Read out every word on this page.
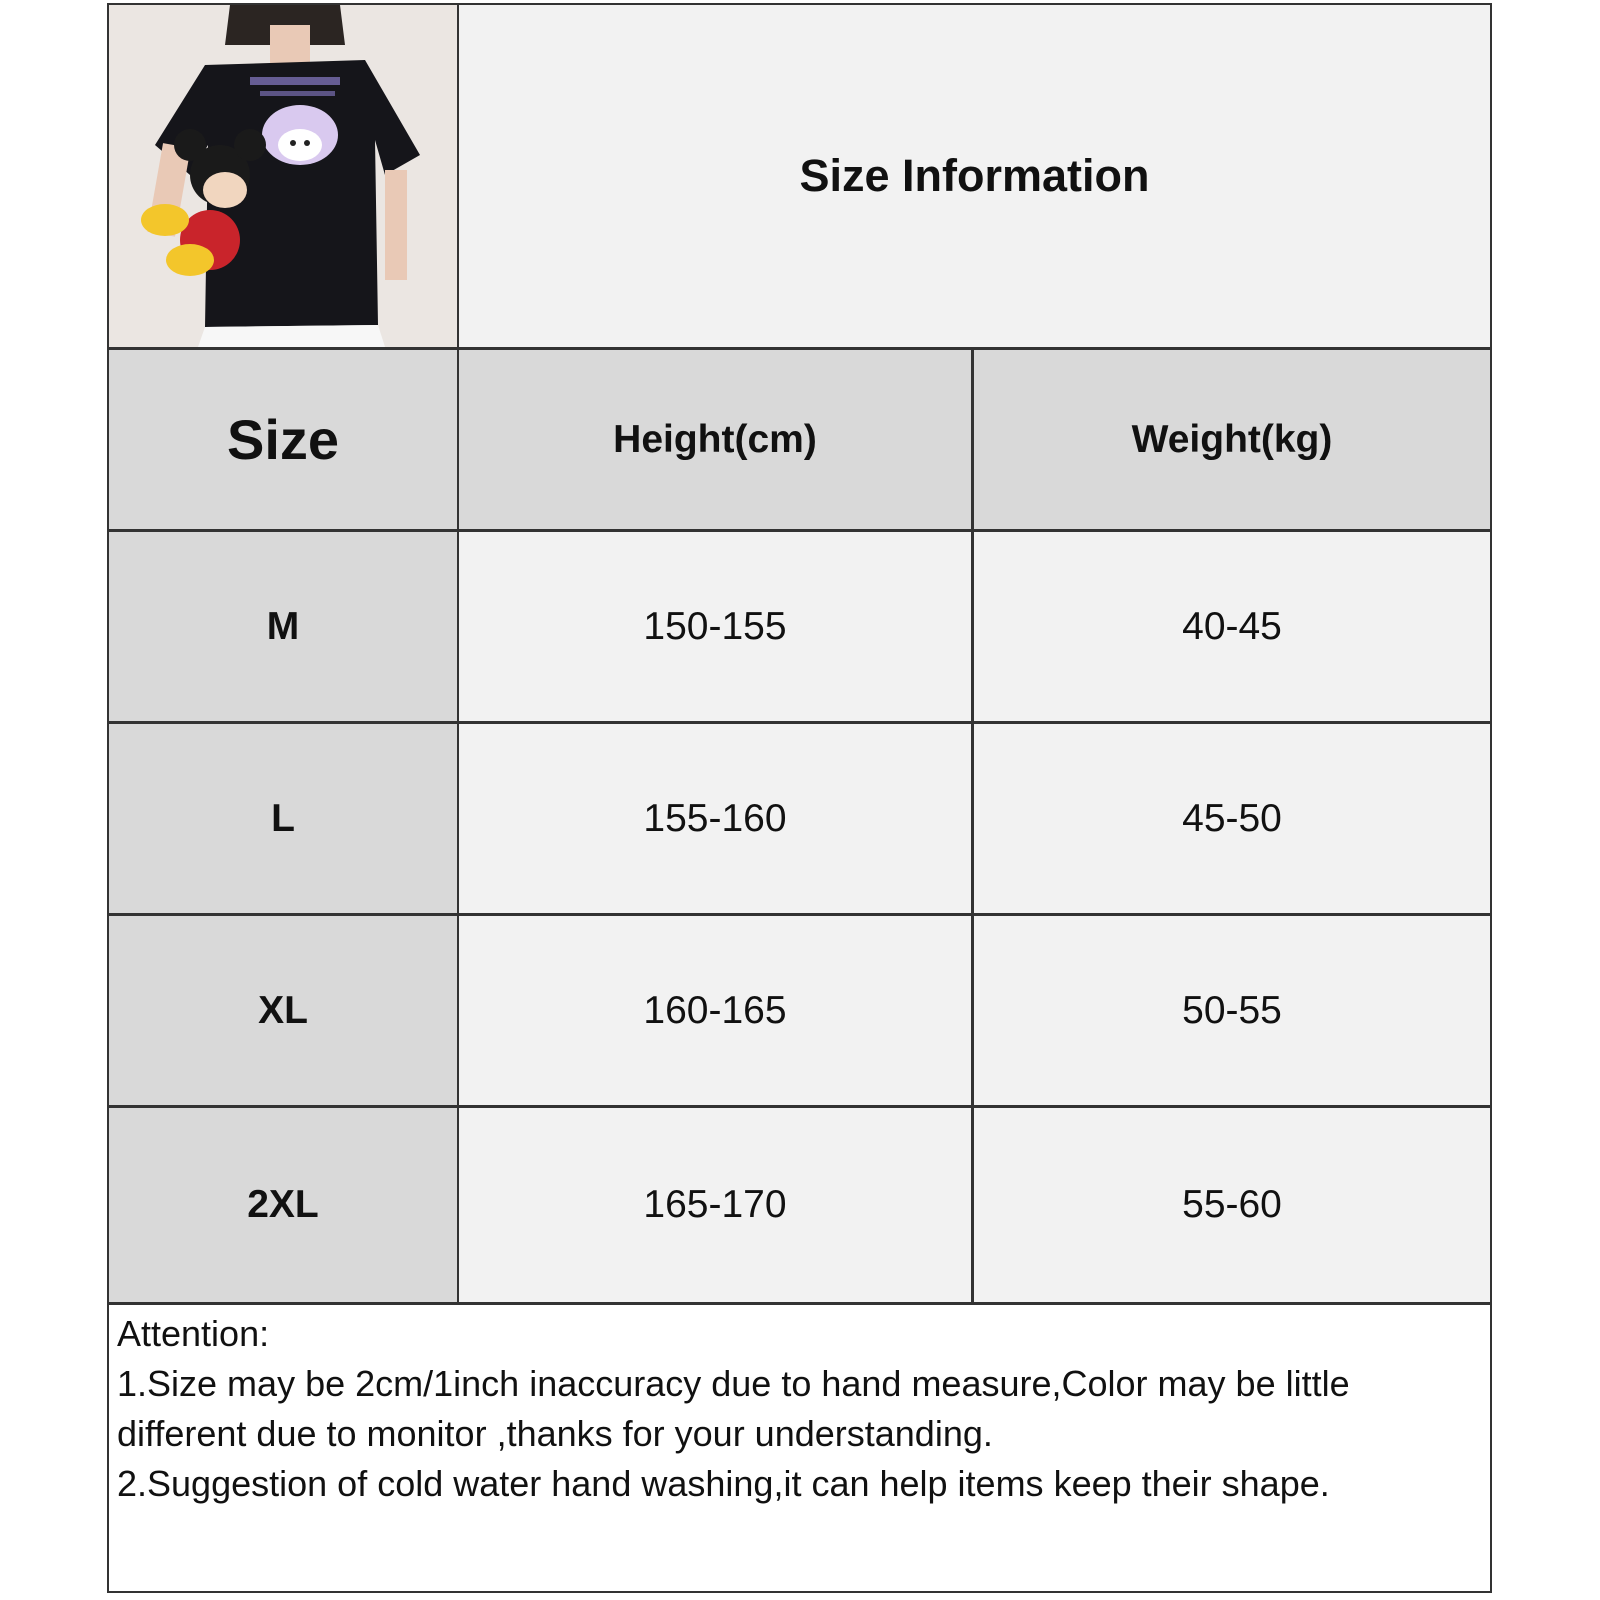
Size Information
Size	Height(cm)	Weight(kg)
M	150-155	40-45
L	155-160	45-50
XL	160-165	50-55
2XL	165-170	55-60

Attention:

1.Size may be 2cm/1inch inaccuracy due to hand measure,Color may be little different due to monitor ,thanks for your understanding.

2.Suggestion of cold water hand washing,it can help items keep their shape.
